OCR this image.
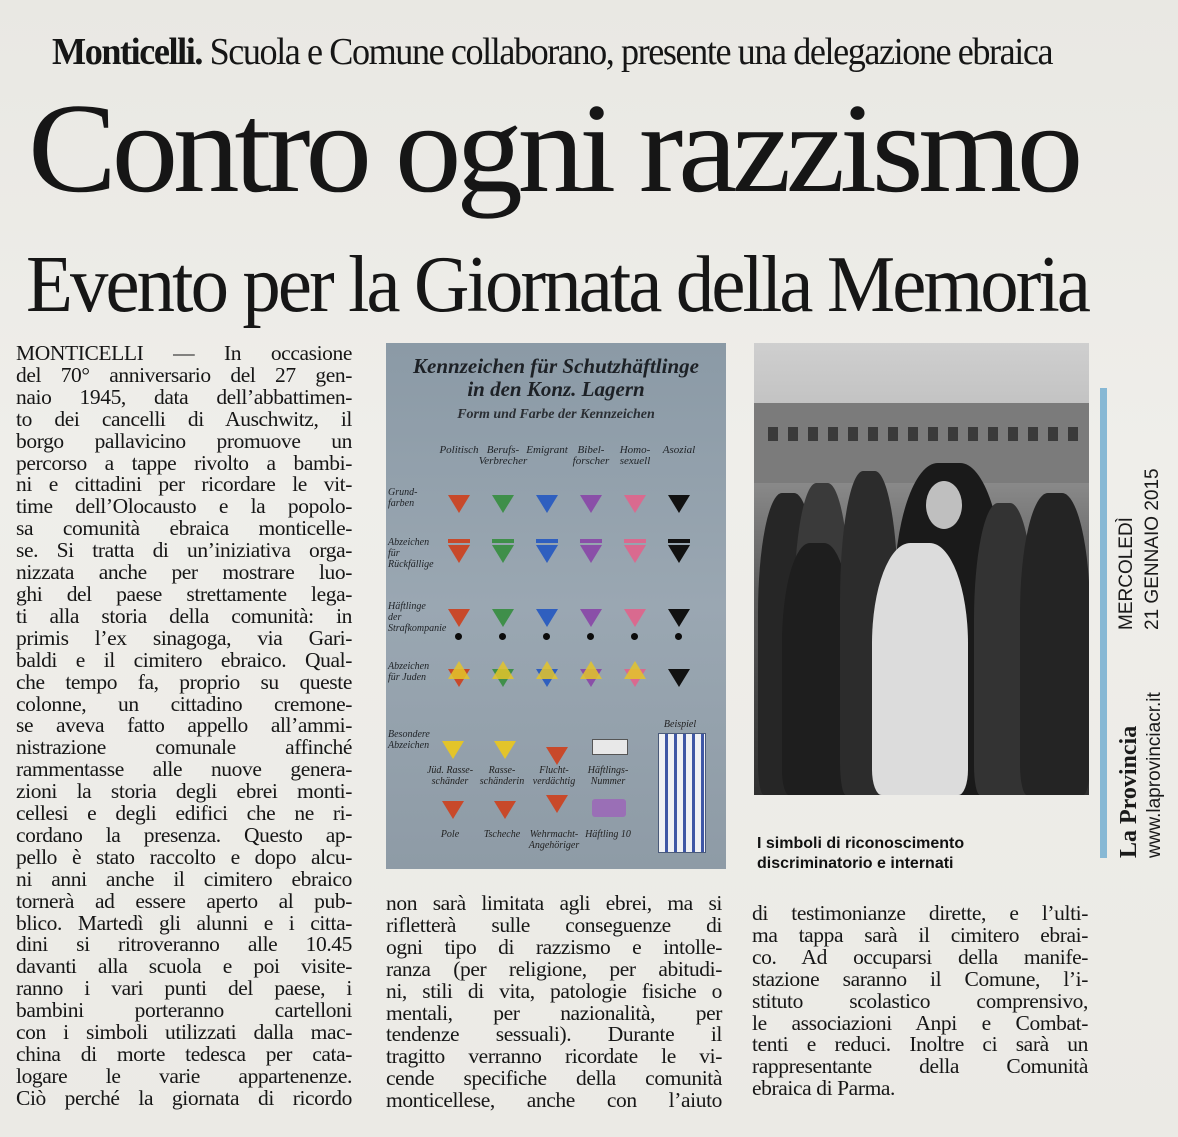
Monticelli. Scuola e Comune collaborano, presente una delegazione ebraica
Contro ogni razzismo
Evento per la Giornata della Memoria

MONTICELLI — In occasione

del 70° anniversario del 27 gen-

naio 1945, data dell’abbattimen-

to dei cancelli di Auschwitz, il

borgo pallavicino promuove un

percorso a tappe rivolto a bambi-

ni e cittadini per ricordare le vit-

time dell’Olocausto e la popolo-

sa comunità ebraica monticelle-

se. Si tratta di un’iniziativa orga-

nizzata anche per mostrare luo-

ghi del paese strettamente lega-

ti alla storia della comunità: in

primis l’ex sinagoga, via Gari-

baldi e il cimitero ebraico. Qual-

che tempo fa, proprio su queste

colonne, un cittadino cremone-

se aveva fatto appello all’ammi-

nistrazione comunale affinché

rammentasse alle nuove genera-

zioni la storia degli ebrei monti-

cellesi e degli edifici che ne ri-

cordano la presenza. Questo ap-

pello è stato raccolto e dopo alcu-

ni anni anche il cimitero ebraico

tornerà ad essere aperto al pub-

blico. Martedì gli alunni e i citta-

dini si ritroveranno alle 10.45

davanti alla scuola e poi visite-

ranno i vari punti del paese, i

bambini porteranno cartelloni

con i simboli utilizzati dalla mac-

china di morte tedesca per cata-

logare le varie appartenenze.

Ciò perché la giornata di ricordo

Kennzeichen für Schutzhäftlinge
in den Konz. Lagern
Form und Farbe der Kennzeichen
Beispiel
Politisch Berufs-Verbrecher
Emigrant Bibel-forscher
Homo-sexuell
Asozial
Grund-farben
Abzeichen für Rückfällige
Häftlinge der Strafkompanie
Abzeichen für Juden
Besondere Abzeichen
Jüd. Rasse-schänder
Rasse-schänderin
Flucht-verdächtig
Häftlings-Nummer
Pole	Tscheche Wehrmacht-Angehöriger
Häftling 10
I simboli di riconoscimento
discriminatorio e internati

non sarà limitata agli ebrei, ma si

rifletterà sulle conseguenze di

ogni tipo di razzismo e intolle-

ranza (per religione, per abitudi-

ni, stili di vita, patologie fisiche o

mentali, per nazionalità, per

tendenze sessuali). Durante il

tragitto verranno ricordate le vi-

cende specifiche della comunità

monticellese, anche con l’aiuto

di testimonianze dirette, e l’ulti-

ma tappa sarà il cimitero ebrai-

co. Ad occuparsi della manife-

stazione saranno il Comune, l’i-

stituto scolastico comprensivo,

le associazioni Anpi e Combat-

tenti e reduci. Inoltre ci sarà un

rappresentante della Comunità

ebraica di Parma.

La Provincia www.laprovinciacr.it
MERCOLEDÌ 21 GENNAIO 2015
